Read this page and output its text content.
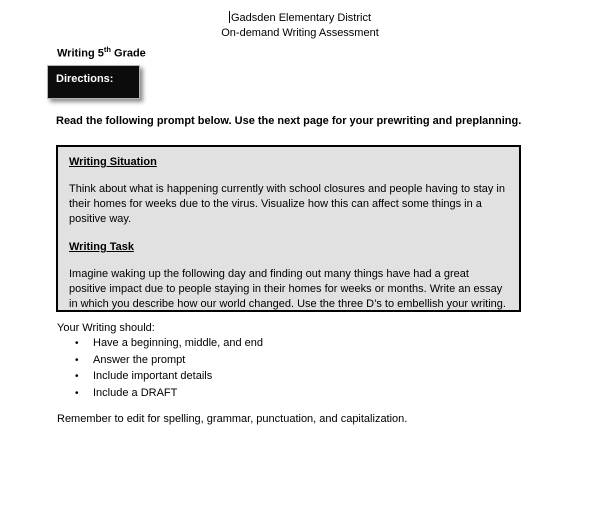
Gadsden Elementary District
On-demand Writing Assessment
Writing 5th Grade
Directions:
Read the following prompt below. Use the next page for your prewriting and preplanning.
Writing Situation
Think about what is happening currently with school closures and people having to stay in their homes for weeks due to the virus. Visualize how this can affect some things in a positive way.
Writing Task
Imagine waking up the following day and finding out many things have had a great positive impact due to people staying in their homes for weeks or months. Write an essay in which you describe how our world changed. Use the three D’s to embellish your writing.
Your Writing should:
• Have a beginning, middle, and end
• Answer the prompt
• Include important details
• Include a DRAFT
Remember to edit for spelling, grammar, punctuation, and capitalization.
